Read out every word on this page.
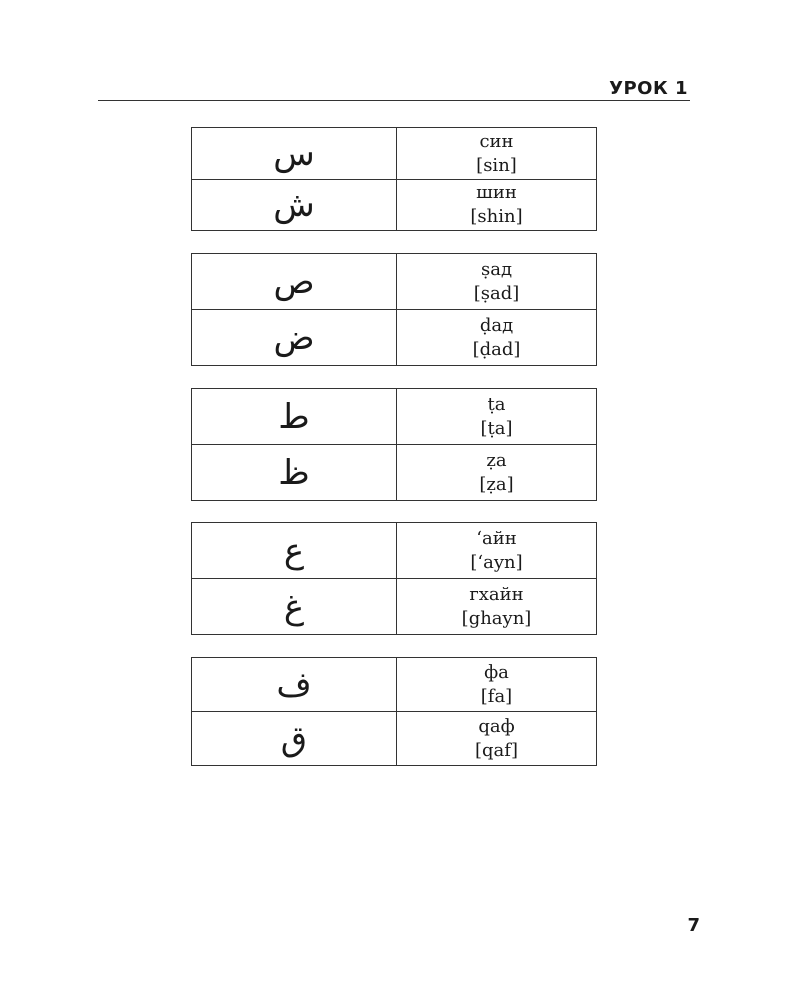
УРОК 1
س	син
[sin]

ش	шин
[shin]
ص	ṣад
[ṣad]

ض	ḍад
[ḍad]
ط	ṭa
[ṭa]

ظ	ẓa
[ẓa]
ع	‘айн
[‘ayn]

غ	гхайн
[ghayn]
ف	фа
[fa]

ق	qаф
[qaf]
7
